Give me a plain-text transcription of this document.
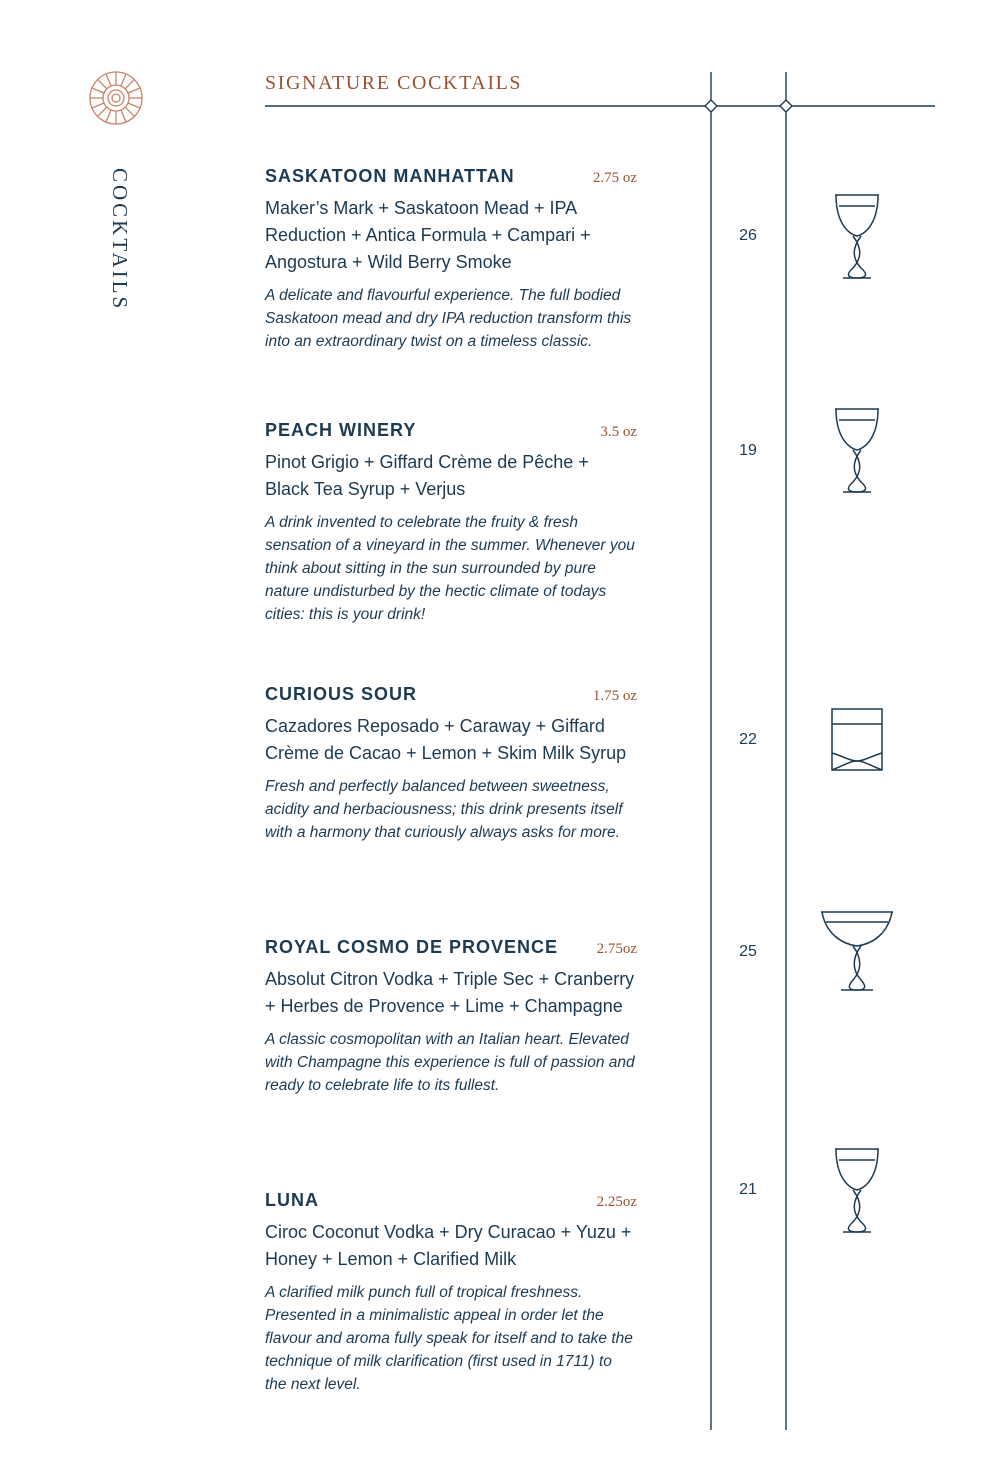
COCKTAILS
SIGNATURE COCKTAILS
SASKATOON MANHATTAN	2.75 oz
Maker’s Mark + Saskatoon Mead + IPA Reduction + Antica Formula + Campari + Angostura + Wild Berry Smoke
A delicate and flavourful experience. The full bodied Saskatoon mead and dry IPA reduction transform this into an extraordinary twist on a timeless classic.
26
PEACH WINERY	3.5 oz
Pinot Grigio + Giffard Crème de Pêche + Black Tea Syrup + Verjus
A drink invented to celebrate the fruity & fresh sensation of a vineyard in the summer. Whenever you think about sitting in the sun surrounded by pure nature undisturbed by the hectic climate of todays cities: this is your drink!
19
CURIOUS SOUR	1.75 oz
Cazadores Reposado + Caraway + Giffard Crème de Cacao + Lemon + Skim Milk Syrup
Fresh and perfectly balanced between sweetness, acidity and herbaciousness; this drink presents itself with a harmony that curiously always asks for more.
22
ROYAL COSMO DE PROVENCE	2.75oz
Absolut Citron Vodka + Triple Sec + Cranberry + Herbes de Provence + Lime + Champagne
A classic cosmopolitan with an Italian heart. Elevated with Champagne this experience is full of passion and ready to celebrate life to its fullest.
25
LUNA	2.25oz
Ciroc Coconut Vodka + Dry Curacao + Yuzu + Honey + Lemon + Clarified Milk
A clarified milk punch full of tropical freshness. Presented in a minimalistic appeal in order let the flavour and aroma fully speak for itself and to take the technique of milk clarification (first used in 1711) to the next level.
21
